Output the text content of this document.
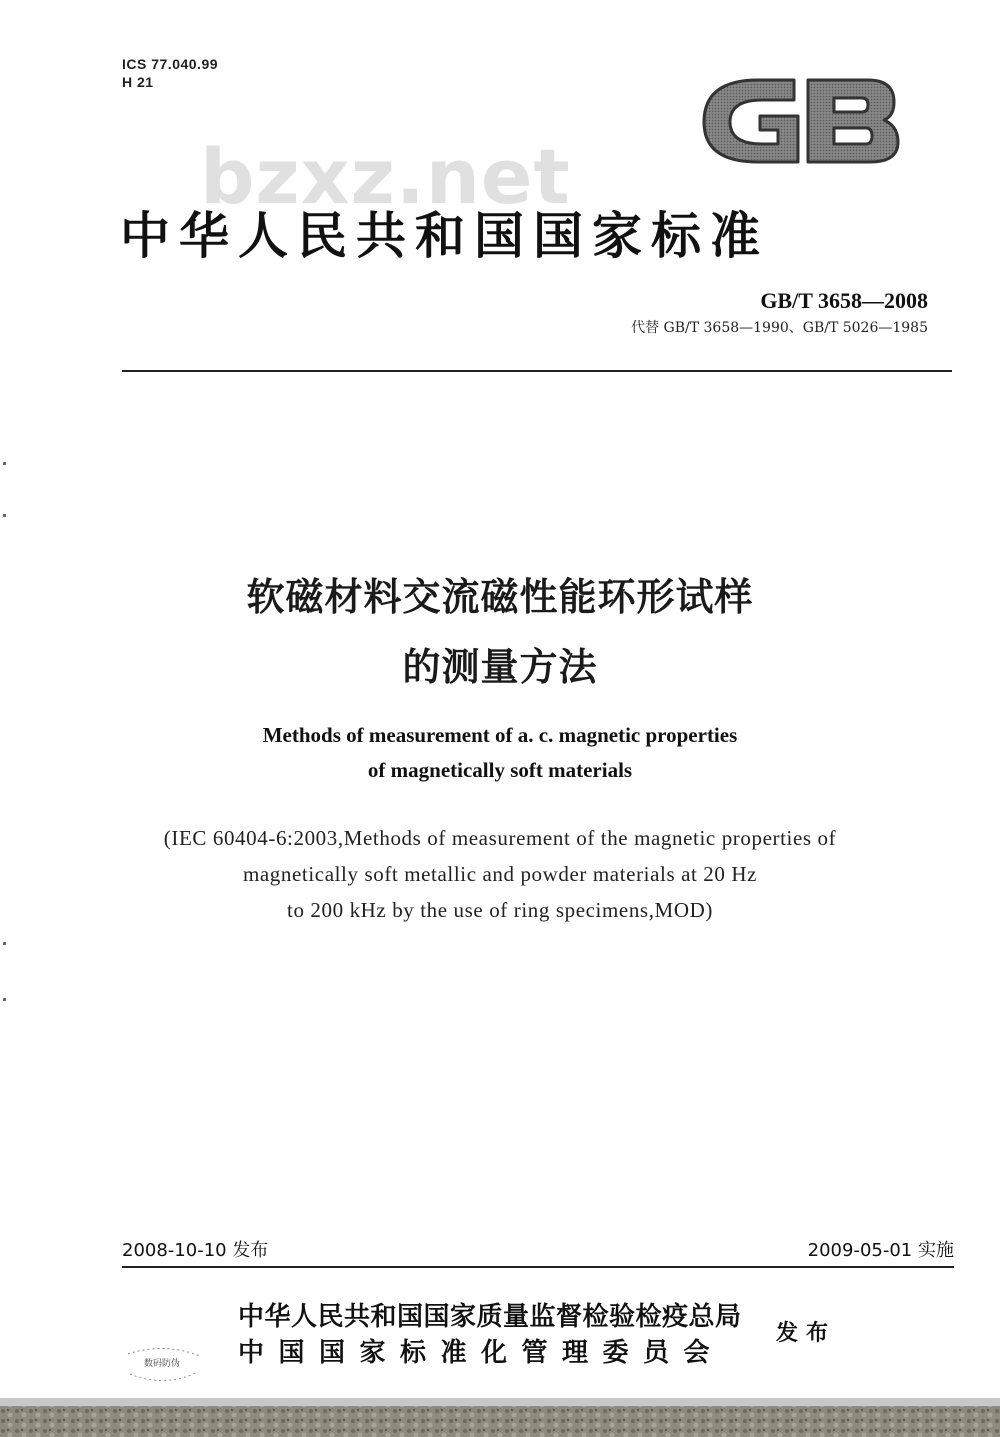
ICS 77.040.99
H 21
bzxz.net
中华人民共和国国家标准
GB/T 3658—2008
代替 GB/T 3658—1990、GB/T 5026—1985
软磁材料交流磁性能环形试样
的测量方法
Methods of measurement of a. c. magnetic properties
of magnetically soft materials
(IEC 60404-6:2003,Methods of measurement of the magnetic properties of
magnetically soft metallic and powder materials at 20 Hz
to 200 kHz by the use of ring specimens,MOD)
2008-10-10 发布	2009-05-01 实施
中华人民共和国国家质量监督检验检疫总局
中国国家标准化管理委员会
发布
数码防伪
